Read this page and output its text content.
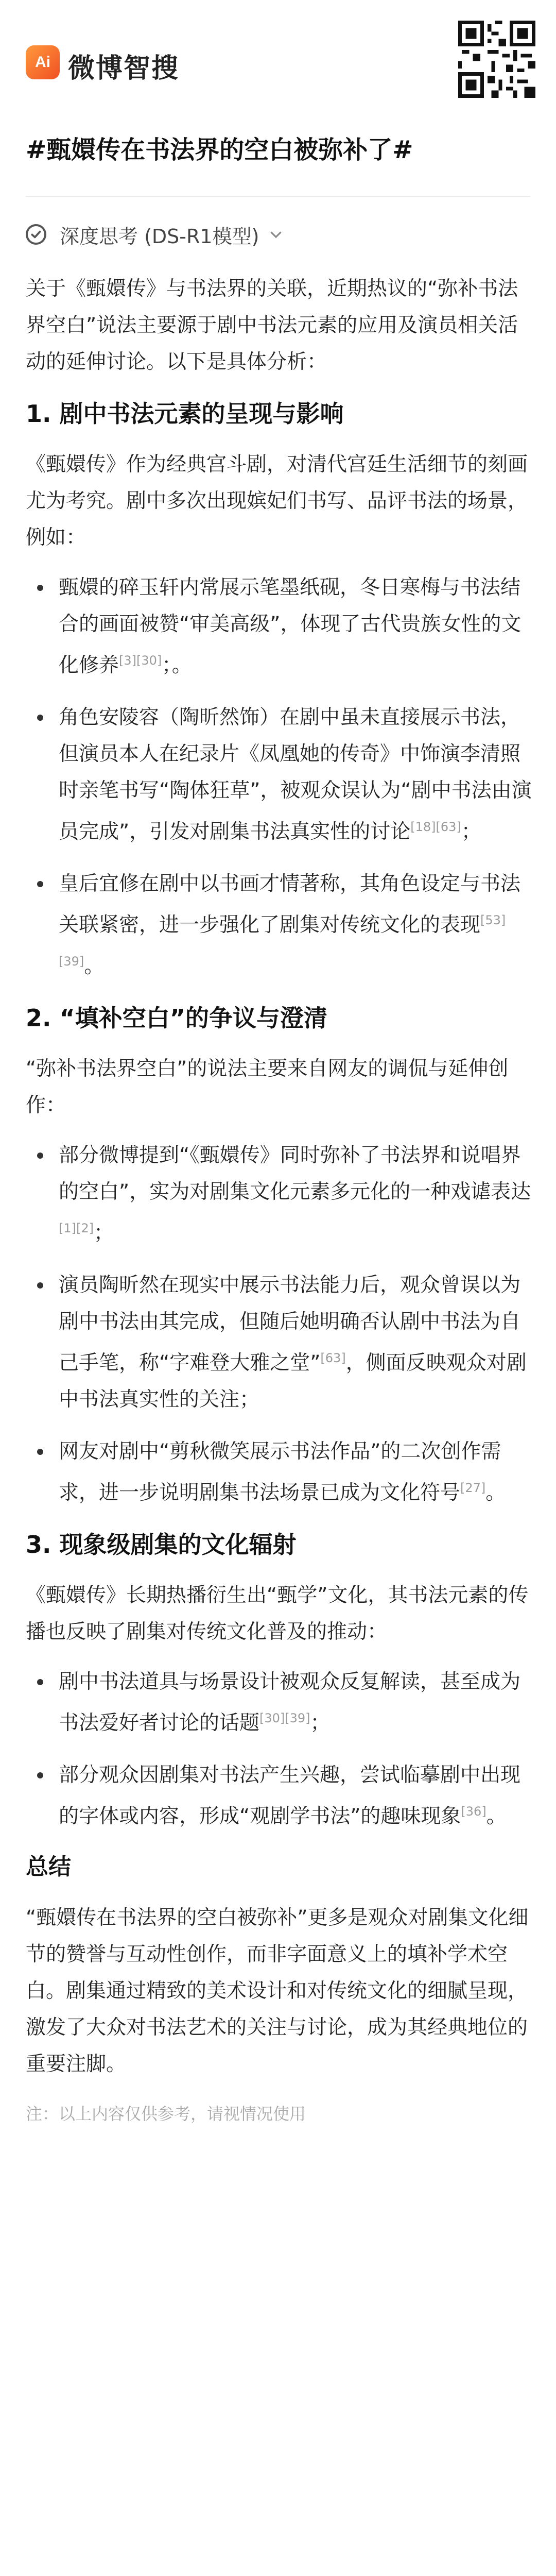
Ai 微博智搜
#甄嬛传在书法界的空白被弥补了#
深度思考 (DS-R1模型)

关于《甄嬛传》与书法界的关联，近期热议的“弥补书法界空白”说法主要源于剧中书法元素的应用及演员相关活动的延伸讨论。以下是具体分析：

1. 剧中书法元素的呈现与影响

《甄嬛传》作为经典宫斗剧，对清代宫廷生活细节的刻画尤为考究。剧中多次出现嫔妃们书写、品评书法的场景，例如：

甄嬛的碎玉轩内常展示笔墨纸砚，冬日寒梅与书法结合的画面被赞“审美高级”，体现了古代贵族女性的文化修养[3][30]；。
角色安陵容（陶昕然饰）在剧中虽未直接展示书法，但演员本人在纪录片《凤凰她的传奇》中饰演李清照时亲笔书写“陶体狂草”，被观众误认为“剧中书法由演员完成”，引发对剧集书法真实性的讨论[18][63]；
皇后宜修在剧中以书画才情著称，其角色设定与书法关联紧密，进一步强化了剧集对传统文化的表现[53][39]。
2. “填补空白”的争议与澄清

“弥补书法界空白”的说法主要来自网友的调侃与延伸创作：

部分微博提到“《甄嬛传》同时弥补了书法界和说唱界的空白”，实为对剧集文化元素多元化的一种戏谑表达[1][2]；
演员陶昕然在现实中展示书法能力后，观众曾误以为剧中书法由其完成，但随后她明确否认剧中书法为自己手笔，称“字难登大雅之堂”[63]，侧面反映观众对剧中书法真实性的关注；
网友对剧中“剪秋微笑展示书法作品”的二次创作需求，进一步说明剧集书法场景已成为文化符号[27]。
3. 现象级剧集的文化辐射

《甄嬛传》长期热播衍生出“甄学”文化，其书法元素的传播也反映了剧集对传统文化普及的推动：

剧中书法道具与场景设计被观众反复解读，甚至成为书法爱好者讨论的话题[30][39]；
部分观众因剧集对书法产生兴趣，尝试临摹剧中出现的字体或内容，形成“观剧学书法”的趣味现象[36]。
总结

“甄嬛传在书法界的空白被弥补”更多是观众对剧集文化细节的赞誉与互动性创作，而非字面意义上的填补学术空白。剧集通过精致的美术设计和对传统文化的细腻呈现，激发了大众对书法艺术的关注与讨论，成为其经典地位的重要注脚。

注：以上内容仅供参考，请视情况使用
